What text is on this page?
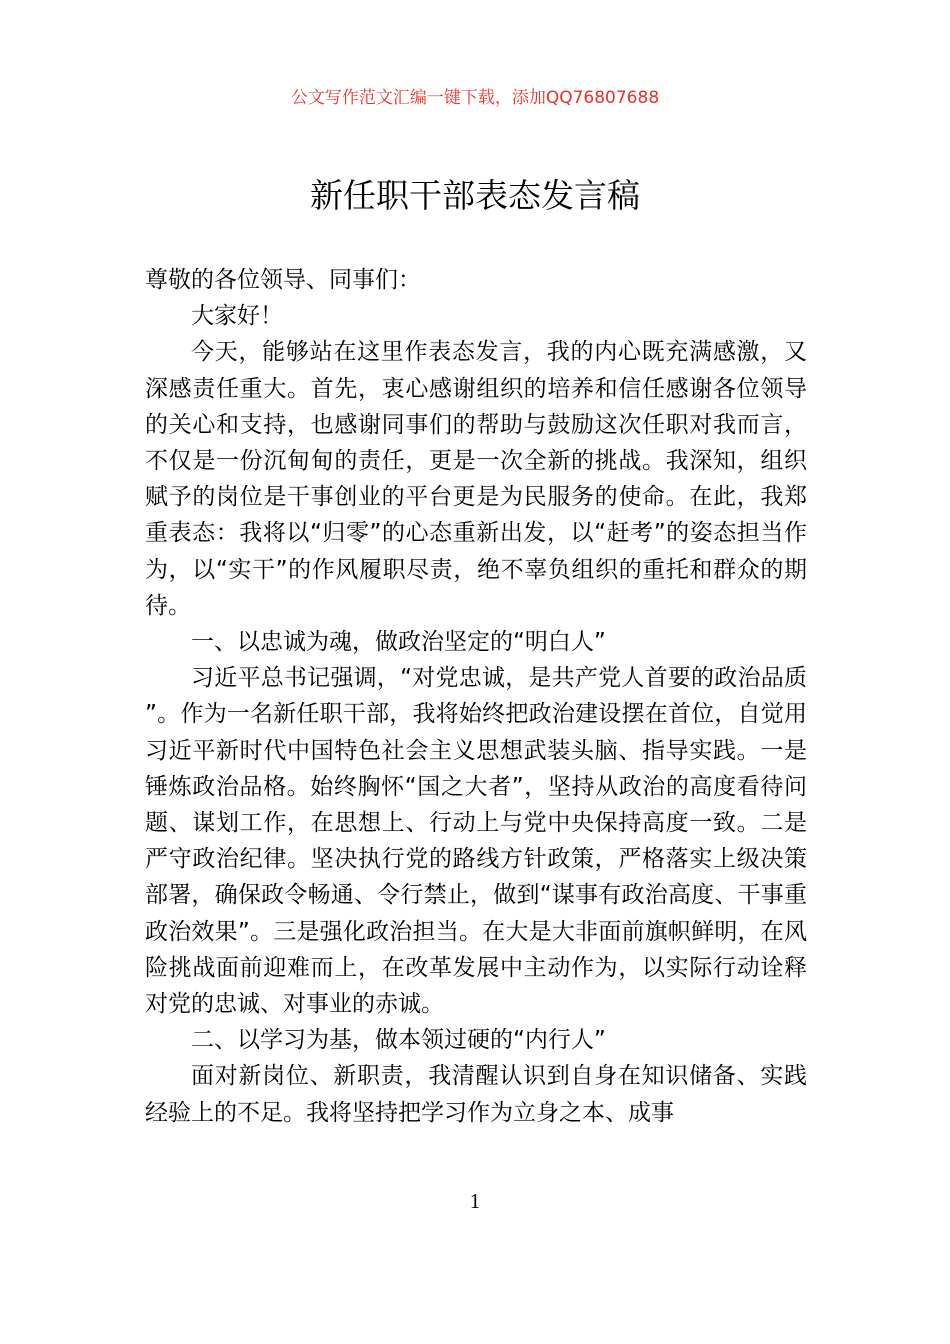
公文写作范文汇编一键下载，添加QQ76807688
新任职干部表态发言稿

尊敬的各位领导、同事们：

大家好！

今天，能够站在这里作表态发言，我的内心既充满感激，又深感责任重大。首先，衷心感谢组织的培养和信任感谢各位领导的关心和支持，也感谢同事们的帮助与鼓励这次任职对我而言，不仅是一份沉甸甸的责任，更是一次全新的挑战。我深知，组织赋予的岗位是干事创业的平台更是为民服务的使命。在此，我郑重表态：我将以“归零”的心态重新出发，以“赶考”的姿态担当作为，以“实干”的作风履职尽责，绝不辜负组织的重托和群众的期待。

一、以忠诚为魂，做政治坚定的“明白人”

习近平总书记强调，“对党忠诚，是共产党人首要的政治品质”。作为一名新任职干部，我将始终把政治建设摆在首位，自觉用习近平新时代中国特色社会主义思想武装头脑、指导实践。一是锤炼政治品格。始终胸怀“国之大者”，坚持从政治的高度看待问题、谋划工作，在思想上、行动上与党中央保持高度一致。二是严守政治纪律。坚决执行党的路线方针政策，严格落实上级决策部署，确保政令畅通、令行禁止，做到“谋事有政治高度、干事重政治效果”。三是强化政治担当。在大是大非面前旗帜鲜明，在风险挑战面前迎难而上，在改革发展中主动作为，以实际行动诠释对党的忠诚、对事业的赤诚。

二、以学习为基，做本领过硬的“内行人”

面对新岗位、新职责，我清醒认识到自身在知识储备、实践经验上的不足。我将坚持把学习作为立身之本、成事

1
